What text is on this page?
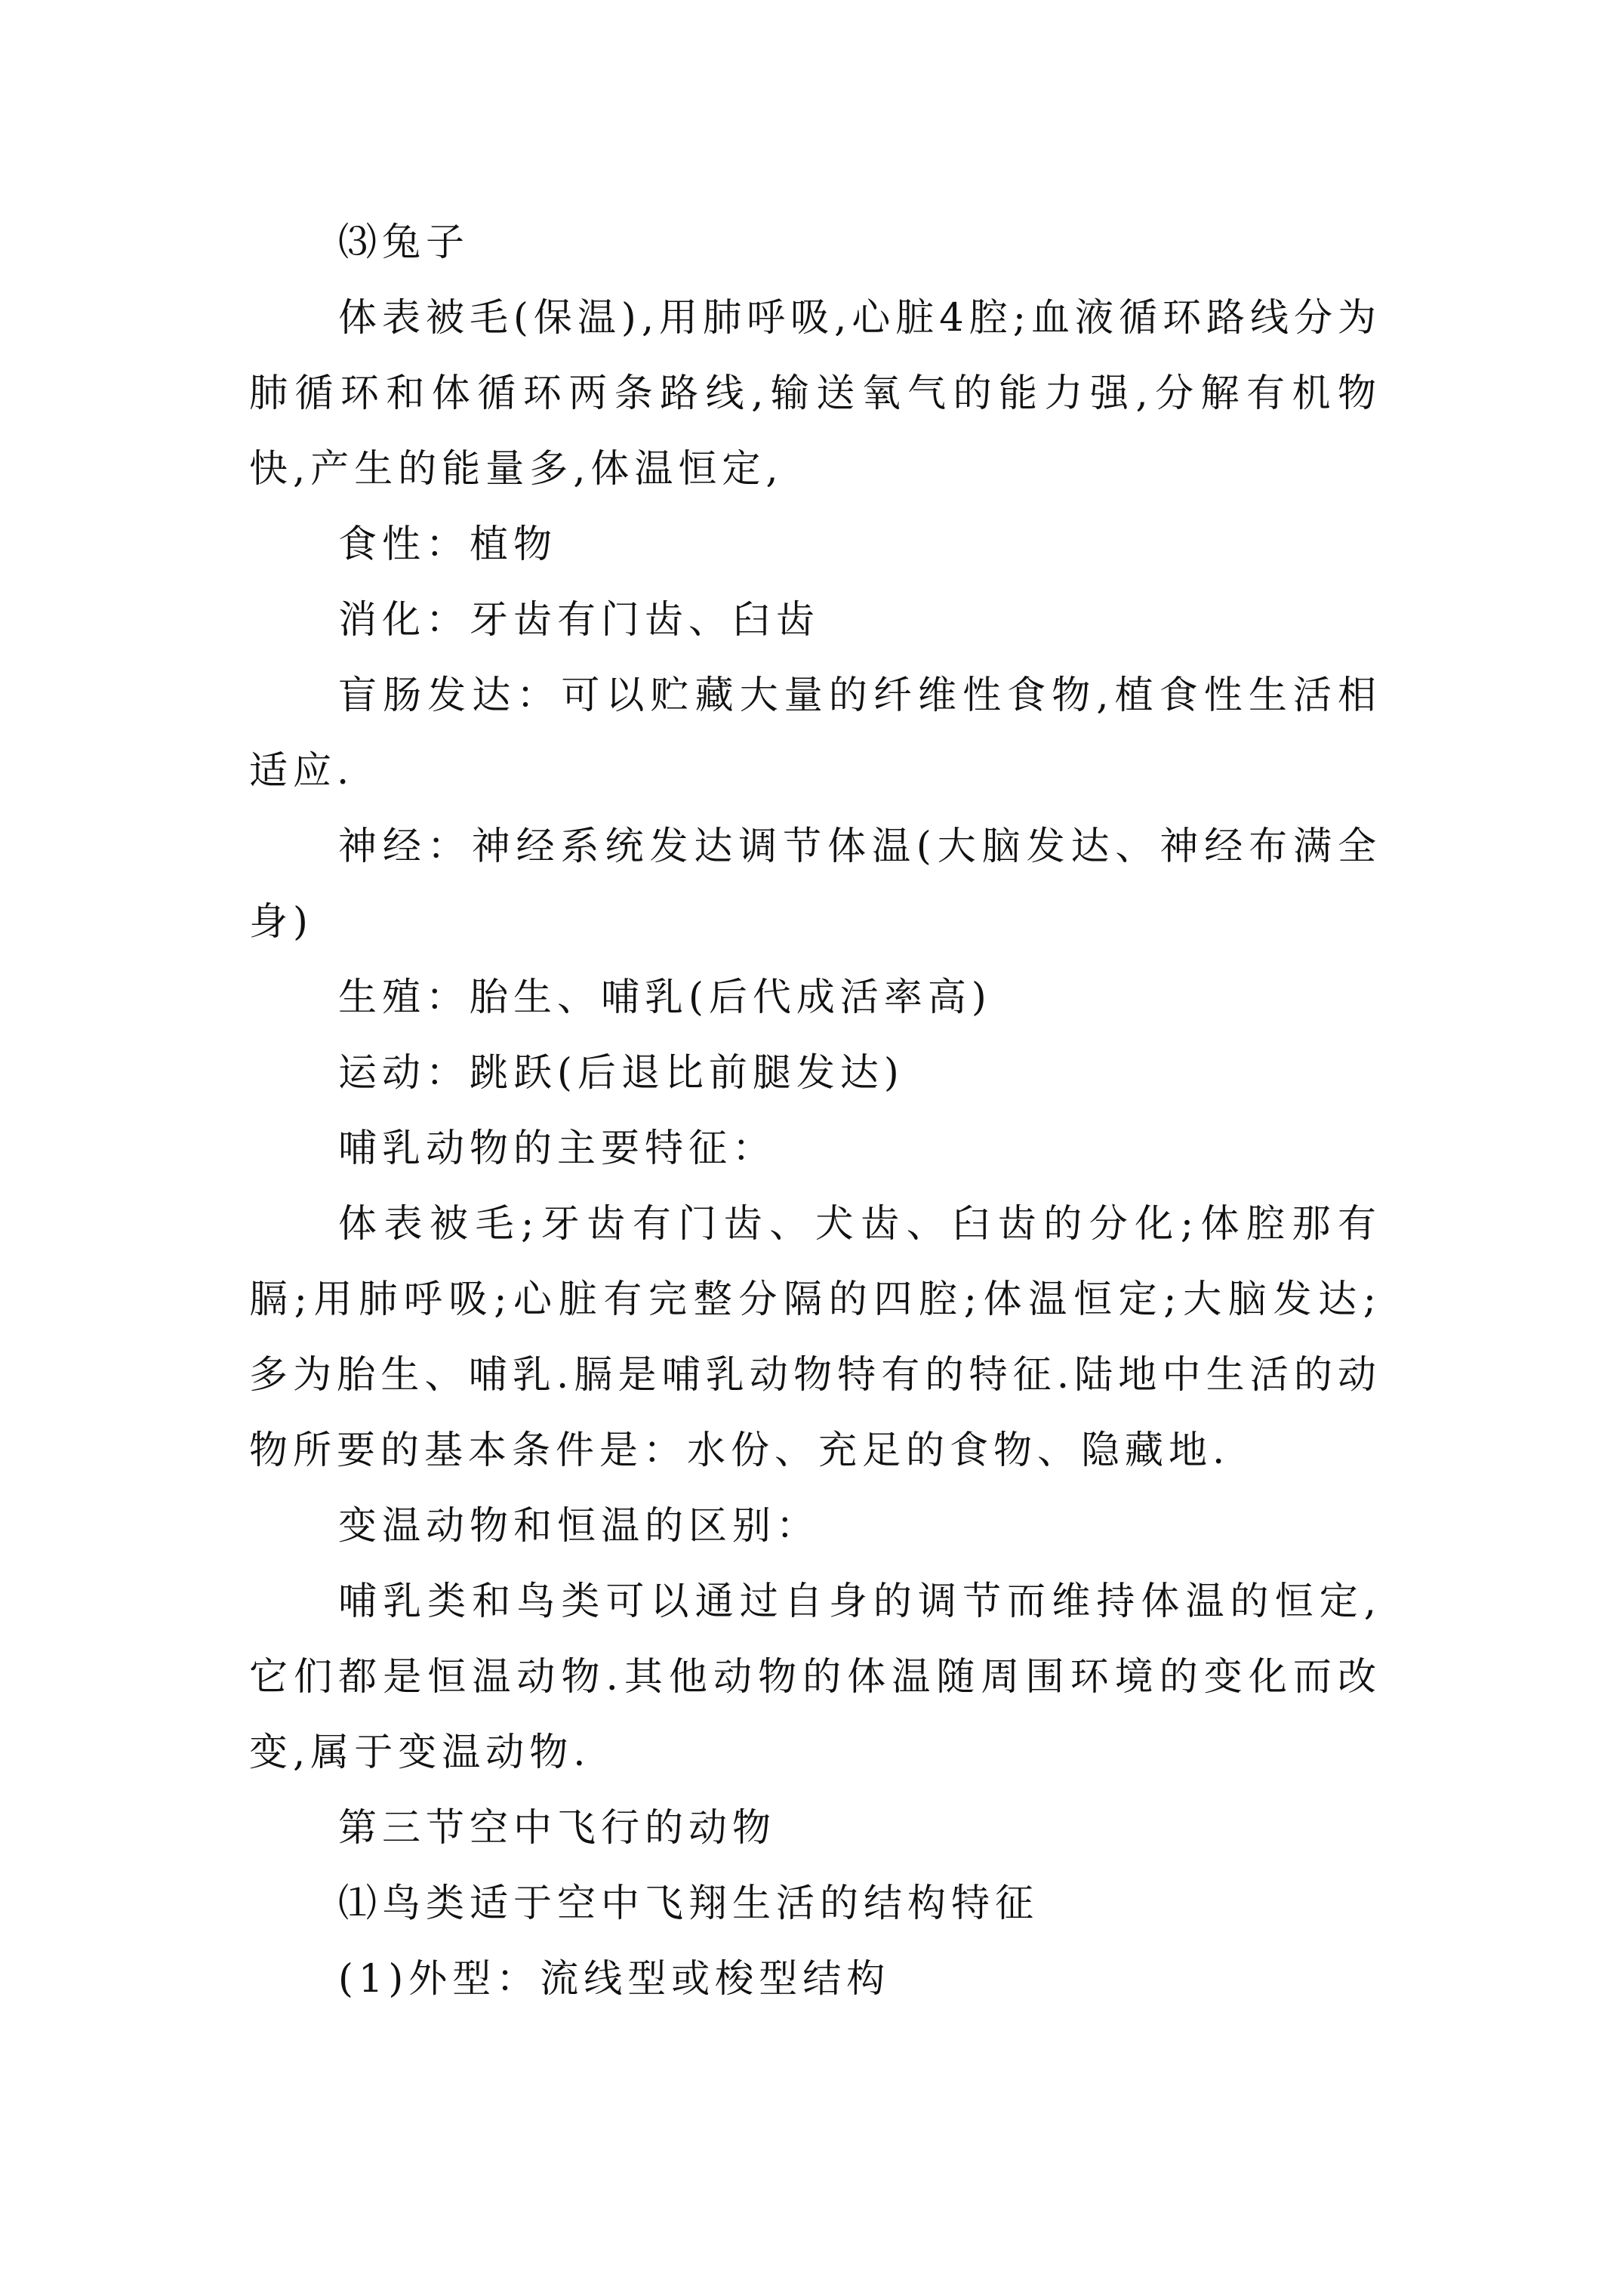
⑶兔子

体表被毛(保温),用肺呼吸,心脏4腔;血液循环路线分为肺循环和体循环两条路线,输送氧气的能力强,分解有机物快,产生的能量多,体温恒定,

食性：植物

消化：牙齿有门齿、臼齿

盲肠发达：可以贮藏大量的纤维性食物,植食性生活相适应.

神经：神经系统发达调节体温(大脑发达、神经布满全身)

生殖：胎生、哺乳(后代成活率高)

运动：跳跃(后退比前腿发达)

哺乳动物的主要特征：

体表被毛;牙齿有门齿、犬齿、臼齿的分化;体腔那有膈;用肺呼吸;心脏有完整分隔的四腔;体温恒定;大脑发达;多为胎生、哺乳.膈是哺乳动物特有的特征.陆地中生活的动物所要的基本条件是：水份、充足的食物、隐藏地.

变温动物和恒温的区别：

哺乳类和鸟类可以通过自身的调节而维持体温的恒定,它们都是恒温动物.其他动物的体温随周围环境的变化而改变,属于变温动物.

第三节空中飞行的动物

⑴鸟类适于空中飞翔生活的结构特征

(1)外型：流线型或梭型结构
